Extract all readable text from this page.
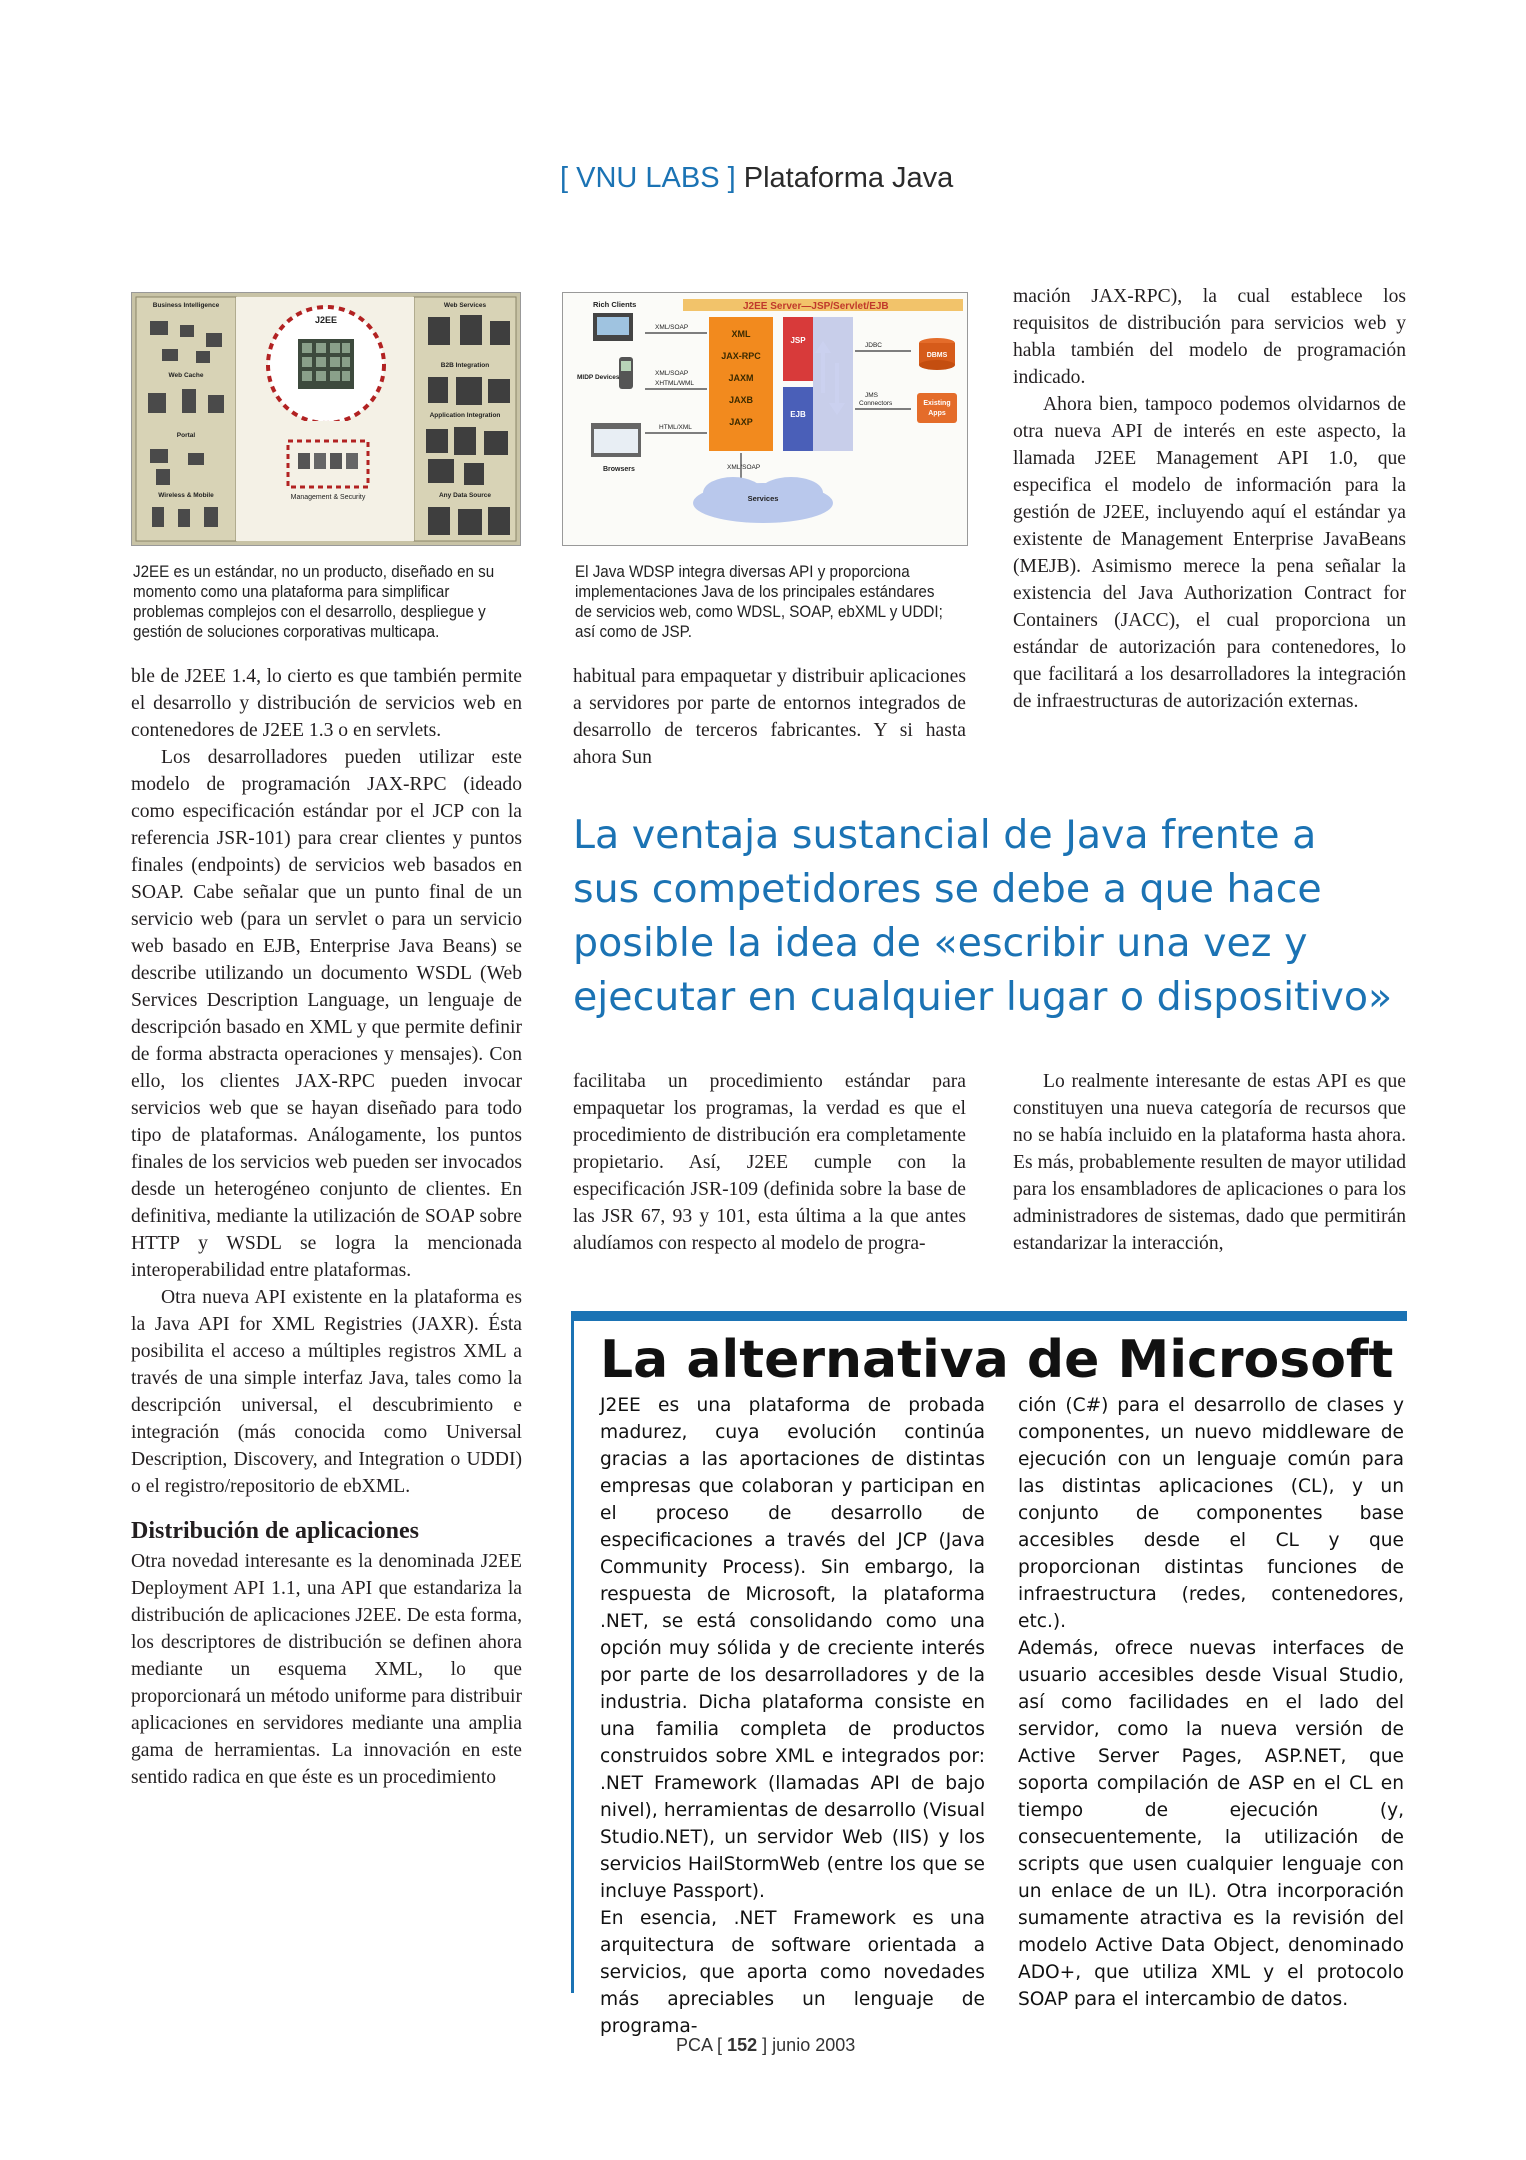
[ VNU LABS ] Plataforma Java
J2EE
Management & Security
Business Intelligence	Web Services
Web Cache
B2B Integration
Portal
Application Integration
Wireless & Mobile	Any Data Source
J2EE es un estándar, no un producto, diseñado en su momento como una plataforma para simplificar problemas complejos con el desarrollo, despliegue y gestión de soluciones corporativas multicapa.
J2EE Server—JSP/Servlet/EJB
Rich Clients
MIDP Devices
Browsers
XML/SOAP
XML/SOAP
XHTML/WML
HTML/XML
XML
JAX-RPC
JAXM
JAXB
JAXP
JSP
EJB
JDBC
DBMS
JMS
Connectors	Existing
Apps
XML/SOAP
Services
El Java WDSP integra diversas API y proporciona implementaciones Java de los principales estándares de servicios web, como WDSL, SOAP, ebXML y UDDI; así como de JSP.

ble de J2EE 1.4, lo cierto es que también permite el desarrollo y distribución de servicios web en contenedores de J2EE 1.3 o en servlets.

Los desarrolladores pueden utilizar este modelo de programación JAX-RPC (ideado como especificación estándar por el JCP con la referencia JSR-101) para crear clientes y puntos finales (endpoints) de servicios web basados en SOAP. Cabe señalar que un punto final de un servicio web (para un servlet o para un servicio web basado en EJB, Enterprise Java Beans) se describe utilizando un documento WSDL (Web Services Description Language, un lenguaje de descripción basado en XML y que permite definir de forma abstracta operaciones y mensajes). Con ello, los clientes JAX-RPC pueden invocar servicios web que se hayan diseñado para todo tipo de plataformas. Análogamente, los puntos finales de los servicios web pueden ser invocados desde un heterogéneo conjunto de clientes. En definitiva, mediante la utilización de SOAP sobre HTTP y WSDL se logra la mencionada interoperabilidad entre plataformas.

Otra nueva API existente en la plataforma es la Java API for XML Registries (JAXR). Ésta posibilita el acceso a múltiples registros XML a través de una simple interfaz Java, tales como la descripción universal, el descubrimiento e integración (más conocida como Universal Description, Discovery, and Integration o UDDI) o el registro/repositorio de ebXML.

Distribución de aplicaciones

Otra novedad interesante es la denominada J2EE Deployment API 1.1, una API que estandariza la distribución de aplicaciones J2EE. De esta forma, los descriptores de distribución se definen ahora mediante un esquema XML, lo que proporcionará un método uniforme para distribuir aplicaciones en servidores mediante una amplia gama de herramientas. La innovación en este sentido radica en que éste es un procedimiento

habitual para empaquetar y distribuir aplicaciones a servidores por parte de entornos integrados de desarrollo de terceros fabricantes. Y si hasta ahora Sun

mación JAX-RPC), la cual establece los requisitos de distribución para servicios web y habla también del modelo de programación indicado.

Ahora bien, tampoco podemos olvidarnos de otra nueva API de interés en este aspecto, la llamada J2EE Management API 1.0, que especifica el modelo de información para la gestión de J2EE, incluyendo aquí el estándar ya existente de Management Enterprise JavaBeans (MEJB). Asimismo merece la pena señalar la existencia del Java Authorization Contract for Containers (JACC), el cual proporciona un estándar de autorización para contenedores, lo que facilitará a los desarrolladores la integración de infraestructuras de autorización externas.

La ventaja sustancial de Java frente a sus competidores se debe a que hace posible la idea de «escribir una vez y ejecutar en cualquier lugar o dispositivo»

facilitaba un procedimiento estándar para empaquetar los programas, la verdad es que el procedimiento de distribución era completamente propietario. Así, J2EE cumple con la especificación JSR-109 (definida sobre la base de las JSR 67, 93 y 101, esta última a la que antes aludíamos con respecto al modelo de progra-

Lo realmente interesante de estas API es que constituyen una nueva categoría de recursos que no se había incluido en la plataforma hasta ahora. Es más, probablemente resulten de mayor utilidad para los ensambladores de aplicaciones o para los administradores de sistemas, dado que permitirán estandarizar la interacción,

La alternativa de Microsoft

J2EE es una plataforma de probada madurez, cuya evolución continúa gracias a las aportaciones de distintas empresas que colaboran y participan en el proceso de desarrollo de especificaciones a través del JCP (Java Community Process). Sin embargo, la respuesta de Microsoft, la plataforma .NET, se está consolidando como una opción muy sólida y de creciente interés por parte de los desarrolladores y de la industria. Dicha plataforma consiste en una familia completa de productos construidos sobre XML e integrados por: .NET Framework (llamadas API de bajo nivel), herramientas de desarrollo (Visual Studio.NET), un servidor Web (IIS) y los servicios HailStormWeb (entre los que se incluye Passport).

En esencia, .NET Framework es una arquitectura de software orientada a servicios, que aporta como novedades más apreciables un lenguaje de programa-

ción (C#) para el desarrollo de clases y componentes, un nuevo middleware de ejecución con un lenguaje común para las distintas aplicaciones (CL), y un conjunto de componentes base accesibles desde el CL y que proporcionan distintas funciones de infraestructura (redes, contenedores, etc.).

Además, ofrece nuevas interfaces de usuario accesibles desde Visual Studio, así como facilidades en el lado del servidor, como la nueva versión de Active Server Pages, ASP.NET, que soporta compilación de ASP en el CL en tiempo de ejecución (y, consecuentemente, la utilización de scripts que usen cualquier lenguaje con un enlace de un IL). Otra incorporación sumamente atractiva es la revisión del modelo Active Data Object, denominado ADO+, que utiliza XML y el protocolo SOAP para el intercambio de datos.

PCA [ 152 ] junio 2003
